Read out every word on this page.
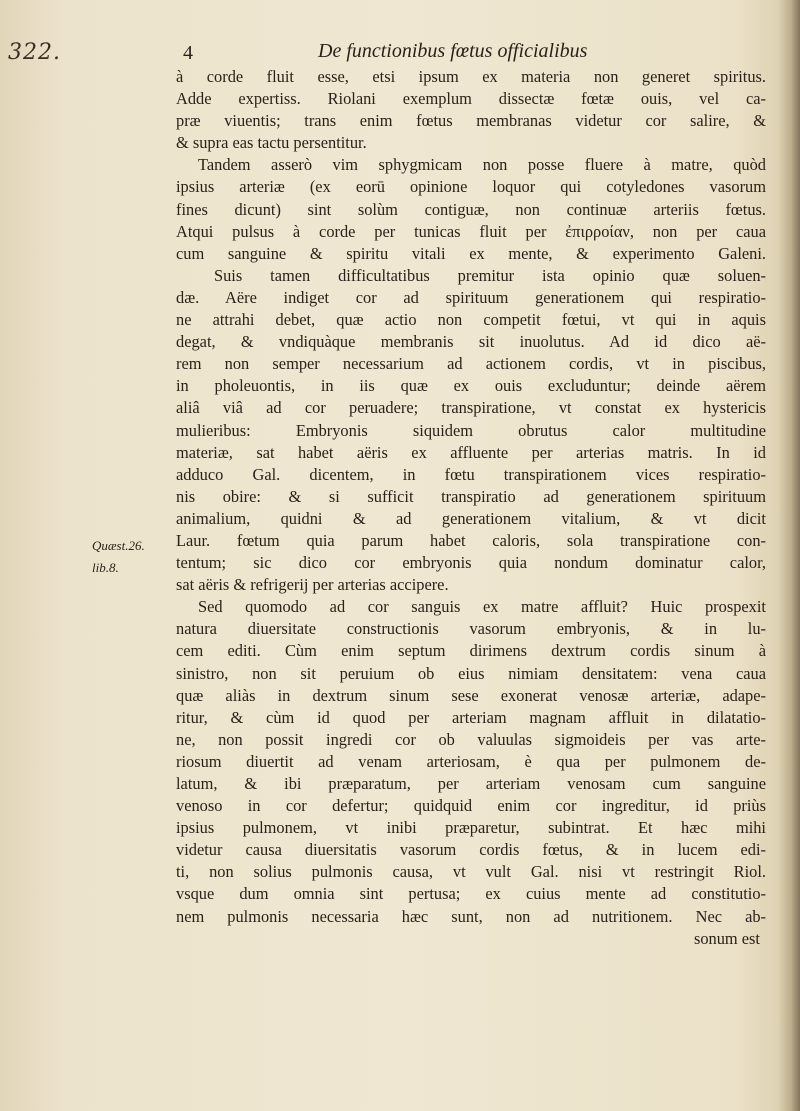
322.	4	De functionibus fœtus officialibus
Quæst.26.
lib.8.
à corde fluit esse, etsi ipsum ex materia non generet spiritus.
Adde expertiss. Riolani exemplum dissectæ fœtæ ouis, vel ca-
præ viuentis; trans enim fœtus membranas videtur cor salire, &
& supra eas tactu persentitur.
Tandem asserò vim sphygmicam non posse fluere à matre, quòd
ipsius arteriæ (ex eorū opinione loquor qui cotyledones vasorum
fines dicunt) sint solùm contiguæ, non continuæ arteriis fœtus.
Atqui pulsus à corde per tunicas fluit per ἐπιρροίαν, non per caua
cum sanguine & spiritu vitali ex mente, & experimento Galeni.
Suis tamen difficultatibus premitur ista opinio quæ soluen-
dæ. Aëre indiget cor ad spirituum generationem qui respiratio-
ne attrahi debet, quæ actio non competit fœtui, vt qui in aquis
degat, & vndiquàque membranis sit inuolutus. Ad id dico aë-
rem non semper necessarium ad actionem cordis, vt in piscibus,
in pholeuontis, in iis quæ ex ouis excluduntur; deinde aërem
aliâ viâ ad cor peruadere; transpiratione, vt constat ex hystericis
mulieribus: Embryonis siquidem obrutus calor multitudine
materiæ, sat habet aëris ex affluente per arterias matris. In id
adduco Gal. dicentem, in fœtu transpirationem vices respiratio-
nis obire: & si sufficit transpiratio ad generationem spirituum
animalium, quidni & ad generationem vitalium, & vt dicit
Laur. fœtum quia parum habet caloris, sola transpiratione con-
tentum; sic dico cor embryonis quia nondum dominatur calor,
sat aëris & refrigerij per arterias accipere.
Sed quomodo ad cor sanguis ex matre affluit? Huic prospexit
natura diuersitate constructionis vasorum embryonis, & in lu-
cem editi. Cùm enim septum dirimens dextrum cordis sinum à
sinistro, non sit peruium ob eius nimiam densitatem: vena caua
quæ aliàs in dextrum sinum sese exonerat venosæ arteriæ, adape-
ritur, & cùm id quod per arteriam magnam affluit in dilatatio-
ne, non possit ingredi cor ob valuulas sigmoideis per vas arte-
riosum diuertit ad venam arteriosam, è qua per pulmonem de-
latum, & ibi præparatum, per arteriam venosam cum sanguine
venoso in cor defertur; quidquid enim cor ingreditur, id priùs
ipsius pulmonem, vt inibi præparetur, subintrat. Et hæc mihi
videtur causa diuersitatis vasorum cordis fœtus, & in lucem edi-
ti, non solius pulmonis causa, vt vult Gal. nisi vt restringit Riol.
vsque dum omnia sint pertusa; ex cuius mente ad constitutio-
nem pulmonis necessaria hæc sunt, non ad nutritionem. Nec ab-
sonum est
